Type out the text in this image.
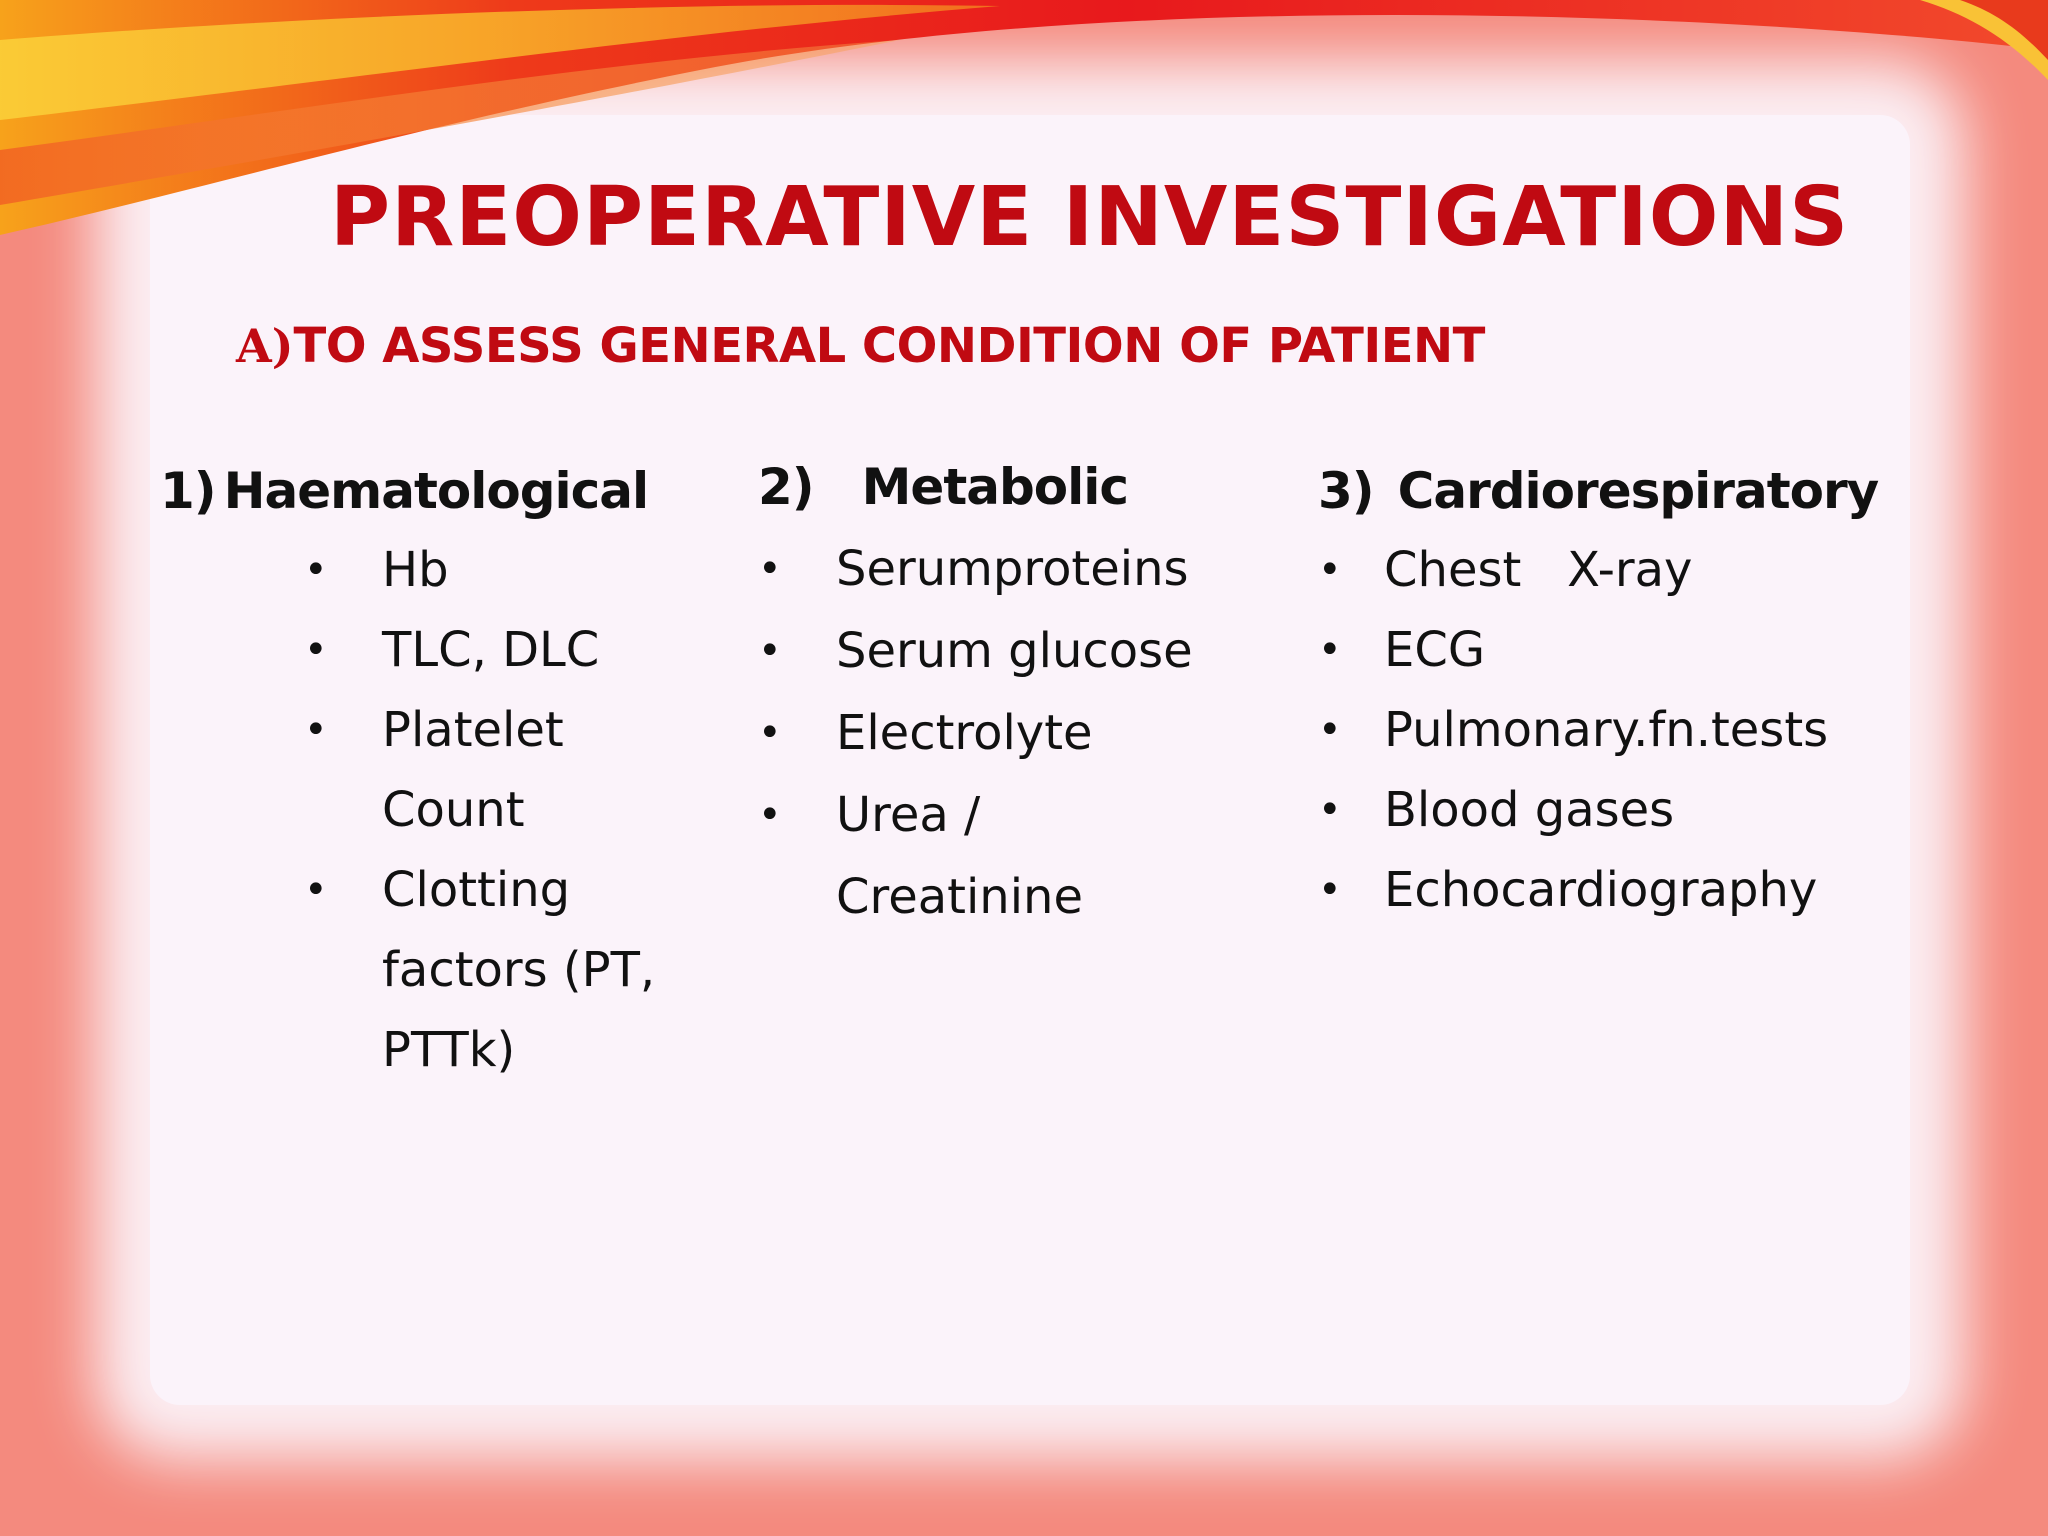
PREOPERATIVE INVESTIGATIONS

A)TO ASSESS GENERAL CONDITION OF PATIENT

1) Haematological

• Hb
• TLC, DLC
• Platelet
Count
• Clotting
factors (PT,
PTTk)

2) Metabolic

• Serumproteins
• Serum glucose
• Electrolyte
• Urea /
Creatinine

3) Cardiorespiratory

• Chest   X-ray
• ECG
• Pulmonary.fn.tests
• Blood gases
• Echocardiography
